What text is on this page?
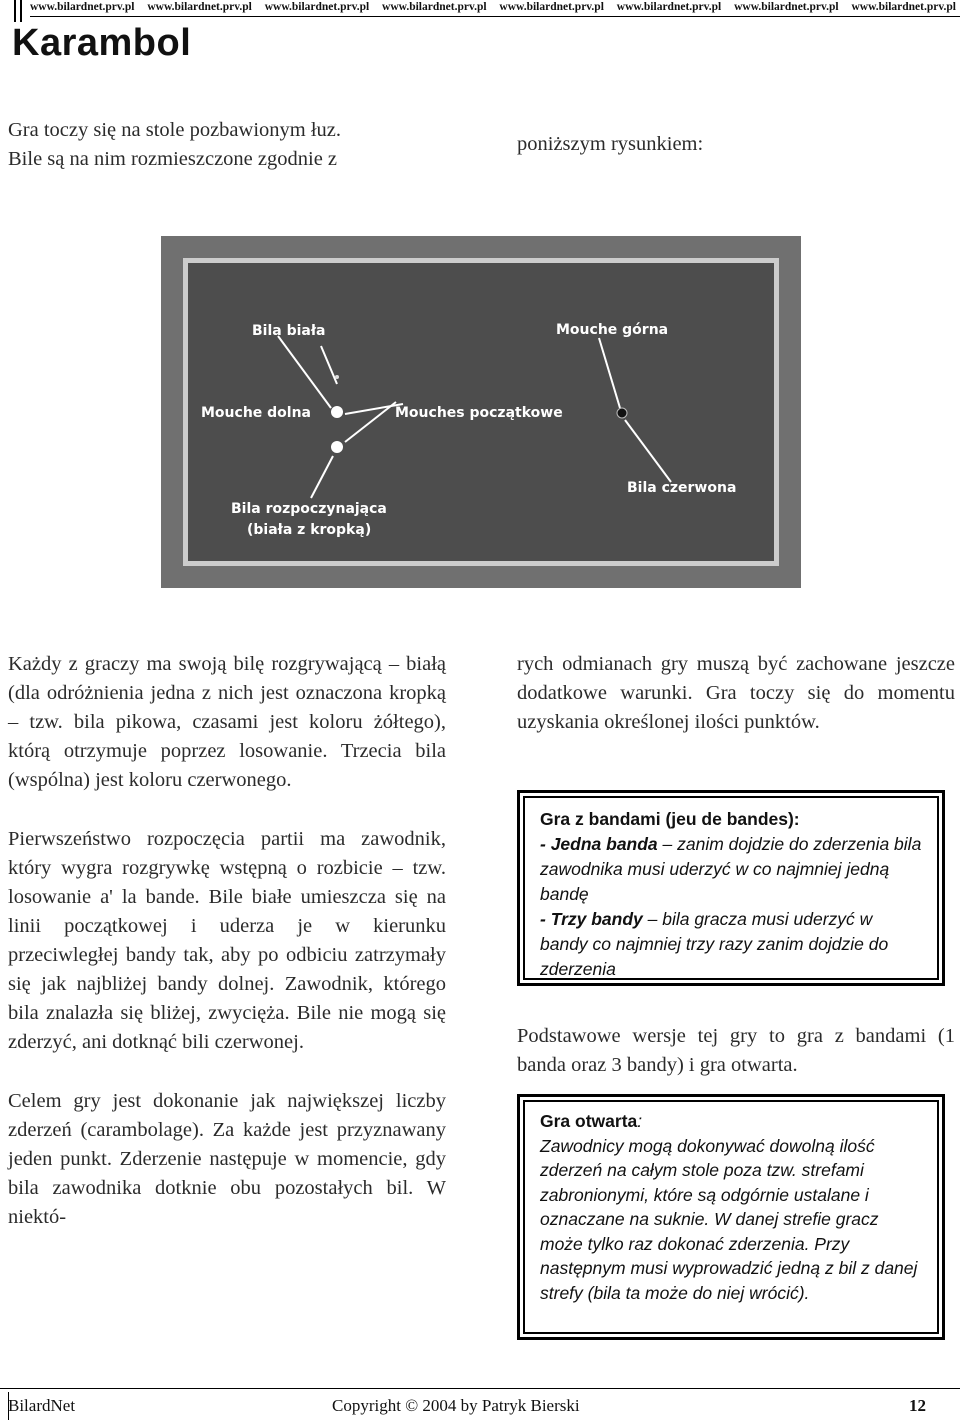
www.bilardnet.prv.pl www.bilardnet.prv.pl www.bilardnet.prv.pl www.bilardnet.prv.pl www.bilardnet.prv.pl www.bilardnet.prv.pl www.bilardnet.prv.pl www.bilardnet.prv.pl
Karambol
Gra toczy się na stole pozbawionym łuz.
Bile są na nim rozmieszczone zgodnie z
poniższym rysunkiem:
Bila biała	Mouche górna
Mouche dolna	Mouches początkowe
Bila czerwona
Bila rozpoczynająca
(biała z kropką)

Każdy z graczy ma swoją bilę rozgrywającą – białą (dla odróżnienia jedna z nich jest oznaczona kropką – tzw. bila pikowa, czasami jest koloru żółtego), którą otrzymuje poprzez losowanie. Trzecia bila (wspólna) jest koloru czerwonego.

Pierwszeństwo rozpoczęcia partii ma zawodnik, który wygra rozgrywkę wstępną o rozbicie – tzw. losowanie a' la bande. Bile białe umieszcza się na linii początkowej i uderza je w kierunku przeciwległej bandy tak, aby po odbiciu zatrzymały się jak najbliżej bandy dolnej. Zawodnik, którego bila znalazła się bliżej, zwycięża. Bile nie mogą się zderzyć, ani dotknąć bili czerwonej.

Celem gry jest dokonanie jak największej liczby zderzeń (carambolage). Za każde jest przyznawany jeden punkt. Zderzenie następuje w momencie, gdy bila zawodnika dotknie obu pozostałych bil. W niektó-

rych odmianach gry muszą być zachowane jeszcze dodatkowe warunki. Gra toczy się do momentu uzyskania określonej ilości punktów.

Gra z bandami (jeu de bandes):
- Jedna banda – zanim dojdzie do zderzenia bila zawodnika musi uderzyć w co najmniej jedną bandę
- Trzy bandy – bila gracza musi uderzyć w bandy co najmniej trzy razy zanim dojdzie do zderzenia

Podstawowe wersje tej gry to gra z bandami (1 banda oraz 3 bandy) i gra otwarta.

Gra otwarta:
Zawodnicy mogą dokonywać dowolną ilość zderzeń na całym stole poza tzw. strefami zabronionymi, które są odgórnie ustalane i oznaczane na suknie. W danej strefie gracz może tylko raz dokonać zderzenia. Przy następnym musi wyprowadzić jedną z bil z danej strefy (bila ta może do niej wrócić).
BilardNet	Copyright © 2004 by Patryk Bierski	12
